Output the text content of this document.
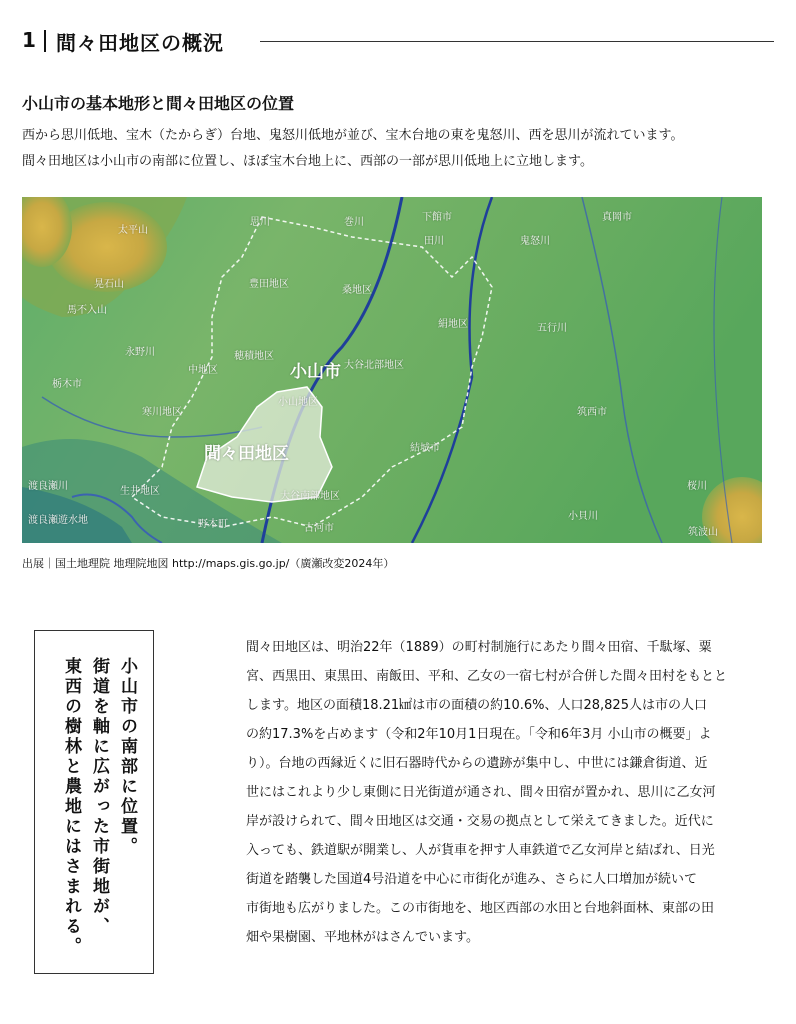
1 間々田地区の概況
小山市の基本地形と間々田地区の位置

西から思川低地、宝木（たからぎ）台地、鬼怒川低地が並び、宝木台地の東を鬼怒川、西を思川が流れています。

間々田地区は小山市の南部に位置し、ほぼ宝木台地上に、西部の一部が思川低地上に立地します。

思川	巻川	下館市
田川	鬼怒川
真岡市
太平山
晃石山
馬不入山
豊田地区
桑地区
絹地区	五行川
永野川
栃木市
中地区
穂積地区
小山市 大谷北部地区
小山地区
寒川地区
結城市
筑西市
間々田地区
桜川
渡良瀬川
渡良瀬遊水地
生井地区	大谷南部地区
野木町	古河市
小貝川
筑波山
出展｜国土地理院 地理院地図 http://maps.gis.go.jp/（廣瀬改変2024年）
小山市の南部に位置。
街道を軸に広がった市街地が、
東西の樹林と農地にはさまれる。

間々田地区は、明治22年（1889）の町村制施行にあたり間々田宿、千駄塚、粟

宮、西黒田、東黒田、南飯田、平和、乙女の一宿七村が合併した間々田村をもとと

します。地区の面積18.21㎢は市の面積の約10.6%、人口28,825人は市の人口

の約17.3%を占めます（令和2年10月1日現在。「令和6年3月 小山市の概要」よ

り）。台地の西縁近くに旧石器時代からの遺跡が集中し、中世には鎌倉街道、近

世にはこれより少し東側に日光街道が通され、間々田宿が置かれ、思川に乙女河

岸が設けられて、間々田地区は交通・交易の拠点として栄えてきました。近代に

入っても、鉄道駅が開業し、人が貨車を押す人車鉄道で乙女河岸と結ばれ、日光

街道を踏襲した国道4号沿道を中心に市街化が進み、さらに人口増加が続いて

市街地も広がりました。この市街地を、地区西部の水田と台地斜面林、東部の田

畑や果樹園、平地林がはさんでいます。
